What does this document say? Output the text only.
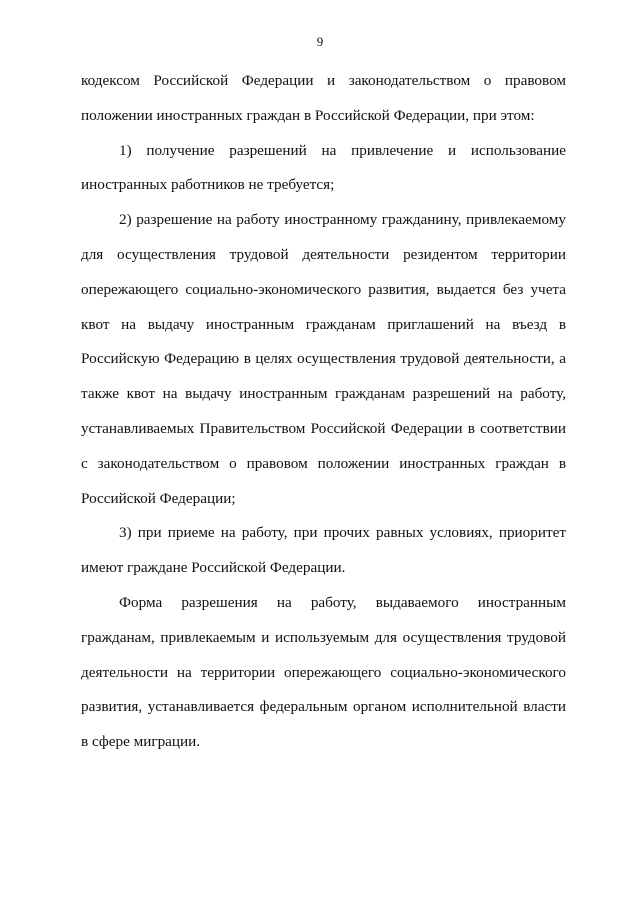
9

кодексом Российской Федерации и законодательством о правовом положении иностранных граждан в Российской Федерации, при этом:

1) получение разрешений на привлечение и использование иностранных работников не требуется;

2) разрешение на работу иностранному гражданину, привлекаемому для осуществления трудовой деятельности резидентом территории опережающего социально-экономического развития, выдается без учета квот на выдачу иностранным гражданам приглашений на въезд в Российскую Федерацию в целях осуществления трудовой деятельности, а также квот на выдачу иностранным гражданам разрешений на работу, устанавливаемых Правительством Российской Федерации в соответствии с законодательством о правовом положении иностранных граждан в Российской Федерации;

3) при приеме на работу, при прочих равных условиях, приоритет имеют граждане Российской Федерации.

Форма разрешения на работу, выдаваемого иностранным гражданам, привлекаемым и используемым для осуществления трудовой деятельности на территории опережающего социально-экономического развития, устанавливается федеральным органом исполнительной власти в сфере миграции.
